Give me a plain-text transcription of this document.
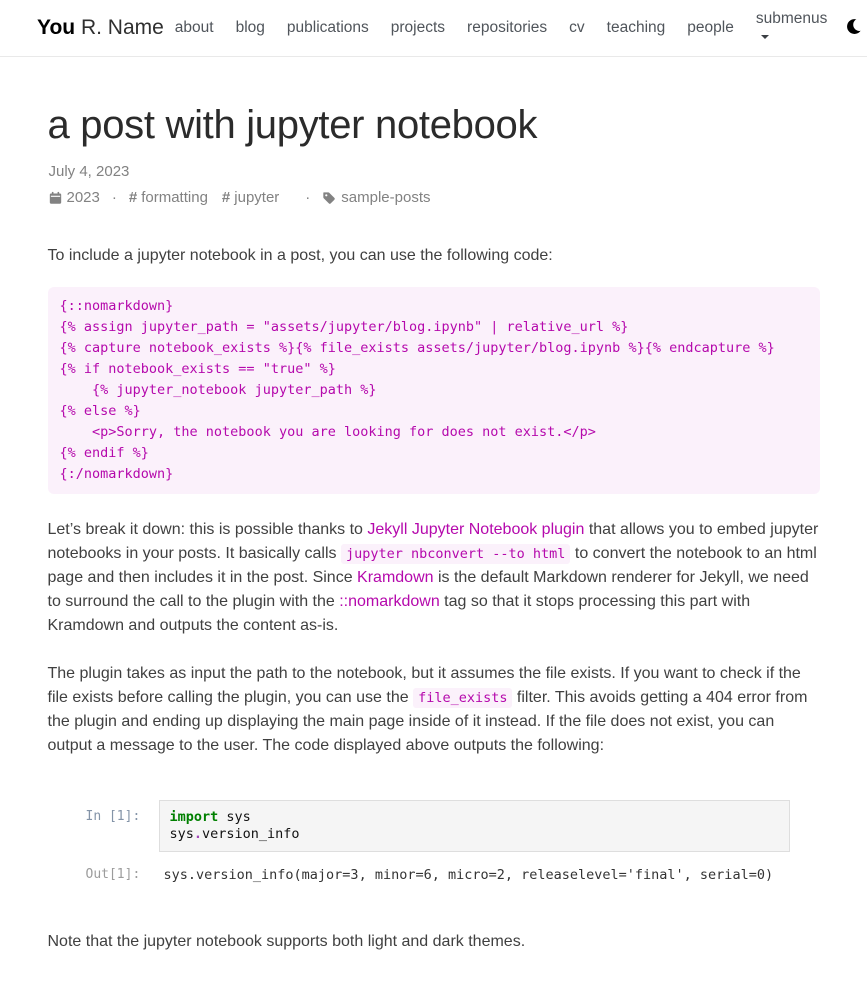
You R. Name about	blog	publications	projects	repositories	cv	teaching	people
submenus
a post with jupyter notebook

July 4, 2023

2023 · # formatting # jupyter · sample-posts

To include a jupyter notebook in a post, you can use the following code:

{::nomarkdown}
{% assign jupyter_path = "assets/jupyter/blog.ipynb" | relative_url %}
{% capture notebook_exists %}{% file_exists assets/jupyter/blog.ipynb %}{% endcapture %}
{% if notebook_exists == "true" %}
{% jupyter_notebook jupyter_path %}
{% else %}
<p>Sorry, the notebook you are looking for does not exist.</p>
{% endif %}
{:/nomarkdown}

Let’s break it down: this is possible thanks to Jekyll Jupyter Notebook plugin that allows you to embed jupyter notebooks in your posts. It basically calls jupyter nbconvert --to html to convert the notebook to an html page and then includes it in the post. Since Kramdown is the default Markdown renderer for Jekyll, we need to surround the call to the plugin with the ::nomarkdown tag so that it stops processing this part with Kramdown and outputs the content as-is.

The plugin takes as input the path to the notebook, but it assumes the file exists. If you want to check if the file exists before calling the plugin, you can use the file_exists filter. This avoids getting a 404 error from the plugin and ending up displaying the main page inside of it instead. If the file does not exist, you can output a message to the user. The code displayed above outputs the following:

In [1]:	import sys
sys.version_info
Out[1]:	sys.version_info(major=3, minor=6, micro=2, releaselevel='final', serial=0)

Note that the jupyter notebook supports both light and dark themes.
